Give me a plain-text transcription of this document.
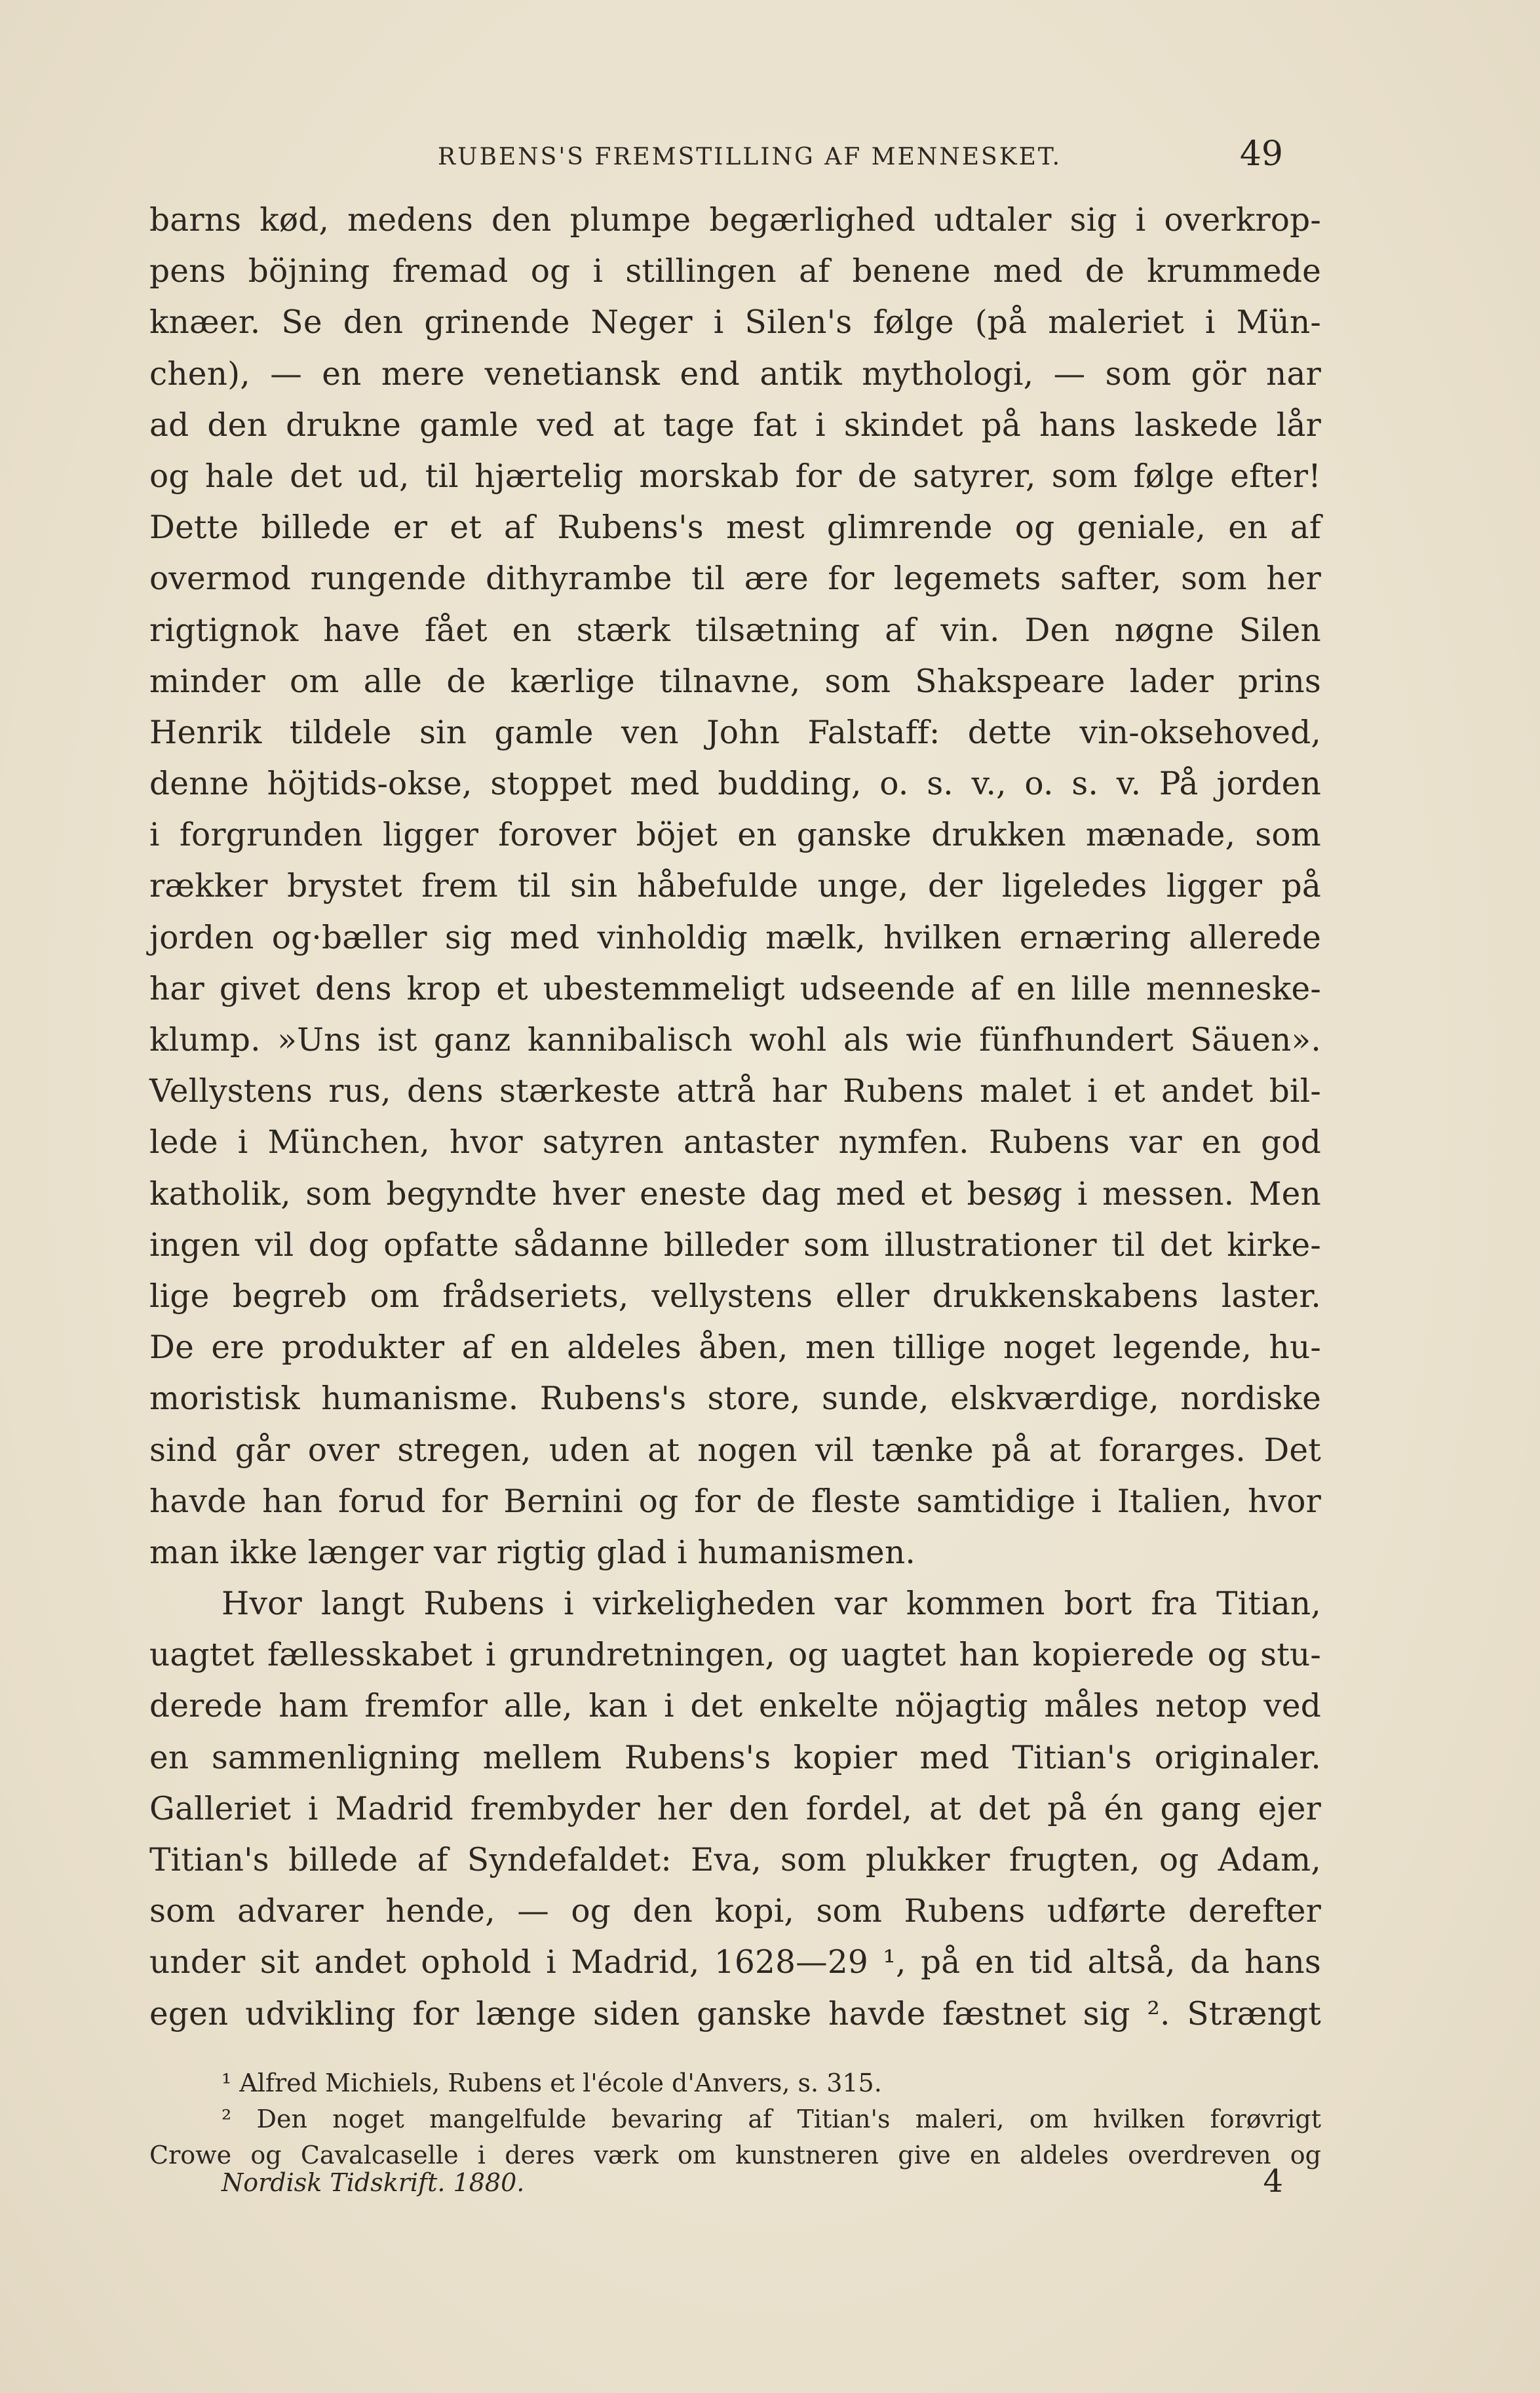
RUBENS'S FREMSTILLING AF MENNESKET.	49
barns kød, medens den plumpe begærlighed udtaler sig i overkrop-
pens böjning fremad og i stillingen af benene med de krummede
knæer. Se den grinende Neger i Silen's følge (på maleriet i Mün-
chen), — en mere venetiansk end antik mythologi, — som gör nar
ad den drukne gamle ved at tage fat i skindet på hans laskede lår
og hale det ud, til hjærtelig morskab for de satyrer, som følge efter!
Dette billede er et af Rubens's mest glimrende og geniale, en af
overmod rungende dithyrambe til ære for legemets safter, som her
rigtignok have fået en stærk tilsætning af vin. Den nøgne Silen
minder om alle de kærlige tilnavne, som Shakspeare lader prins
Henrik tildele sin gamle ven John Falstaff: dette vin-oksehoved,
denne höjtids-okse, stoppet med budding, o. s. v., o. s. v. På jorden
i forgrunden ligger forover böjet en ganske drukken mænade, som
rækker brystet frem til sin håbefulde unge, der ligeledes ligger på
jorden og·bæller sig med vinholdig mælk, hvilken ernæring allerede
har givet dens krop et ubestemmeligt udseende af en lille menneske-
klump. »Uns ist ganz kannibalisch wohl als wie fünfhundert Säuen».
Vellystens rus, dens stærkeste attrå har Rubens malet i et andet bil-
lede i München, hvor satyren antaster nymfen. Rubens var en god
katholik, som begyndte hver eneste dag med et besøg i messen. Men
ingen vil dog opfatte sådanne billeder som illustrationer til det kirke-
lige begreb om frådseriets, vellystens eller drukkenskabens laster.
De ere produkter af en aldeles åben, men tillige noget legende, hu-
moristisk humanisme. Rubens's store, sunde, elskværdige, nordiske
sind går over stregen, uden at nogen vil tænke på at forarges. Det
havde han forud for Bernini og for de fleste samtidige i Italien, hvor
man ikke længer var rigtig glad i humanismen.
Hvor langt Rubens i virkeligheden var kommen bort fra Titian,
uagtet fællesskabet i grundretningen, og uagtet han kopierede og stu-
derede ham fremfor alle, kan i det enkelte nöjagtig måles netop ved
en sammenligning mellem Rubens's kopier med Titian's originaler.
Galleriet i Madrid frembyder her den fordel, at det på én gang ejer
Titian's billede af Syndefaldet: Eva, som plukker frugten, og Adam,
som advarer hende, — og den kopi, som Rubens udførte derefter
under sit andet ophold i Madrid, 1628—29 ¹, på en tid altså, da hans
egen udvikling for længe siden ganske havde fæstnet sig ². Strængt
¹ Alfred Michiels, Rubens et l'école d'Anvers, s. 315.
² Den noget mangelfulde bevaring af Titian's maleri, om hvilken forøvrigt
Crowe og Cavalcaselle i deres værk om kunstneren give en aldeles overdreven og
Nordisk Tidskrift. 1880.	4
